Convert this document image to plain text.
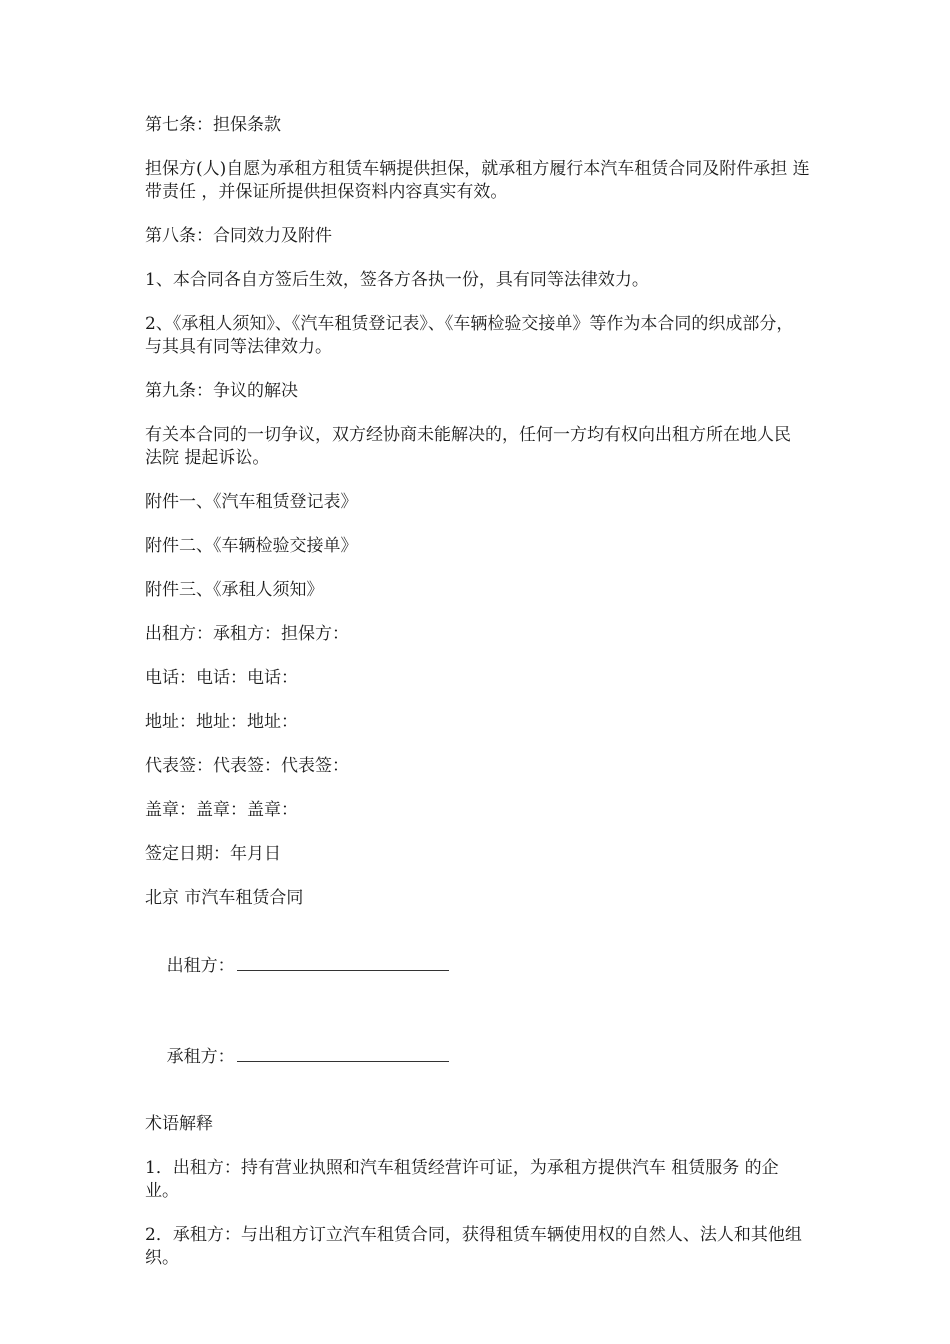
第七条：担保条款

担保方(人)自愿为承租方租赁车辆提供担保，就承租方履行本汽车租赁合同及附件承担 连带责任 ，并保证所提供担保资料内容真实有效。

第八条：合同效力及附件

1、本合同各自方签后生效，签各方各执一份，具有同等法律效力。

2、《承租人须知》、《汽车租赁登记表》、《车辆检验交接单》等作为本合同的织成部分，与其具有同等法律效力。

第九条：争议的解决

有关本合同的一切争议，双方经协商未能解决的，任何一方均有权向出租方所在地人民 法院 提起诉讼。

附件一、《汽车租赁登记表》

附件二、《车辆检验交接单》

附件三、《承租人须知》

出租方：承租方：担保方：

电话：电话：电话：

地址：地址：地址：

代表签：代表签：代表签：

盖章：盖章：盖章：

签定日期：年月日

北京 市汽车租赁合同

出租方：

承租方：

术语解释

1．出租方：持有营业执照和汽车租赁经营许可证，为承租方提供汽车 租赁服务 的企业。

2．承租方：与出租方订立汽车租赁合同，获得租赁车辆使用权的自然人、法人和其他组织。
